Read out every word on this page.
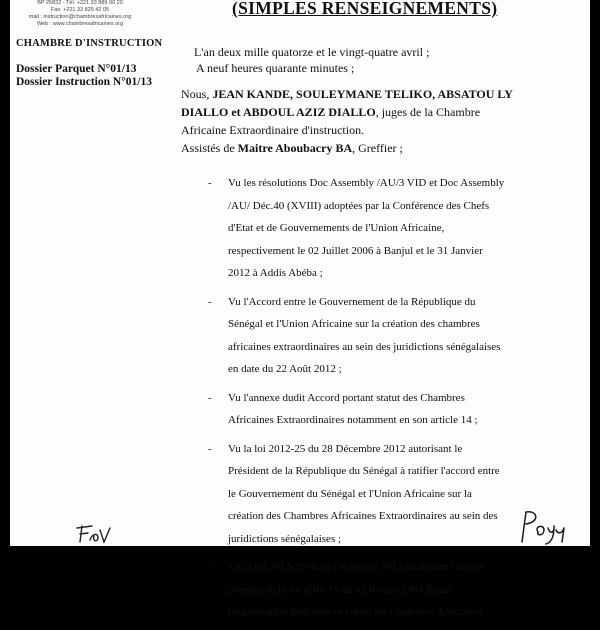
BP 25832 - Tél. +221 33 889 00 20
Fax: +221 33 825 42 05
mail : instruction@chambresafricaines.org
Web : www.chambresafricaines.org
CHAMBRE D'INSTRUCTION
Dossier Parquet N°01/13
Dossier Instruction N°01/13
(SIMPLES RENSEIGNEMENTS)
L'an deux mille quatorze et le vingt-quatre avril ;
A neuf heures quarante minutes ;
Nous, JEAN KANDE, SOULEYMANE TELIKO, ABSATOU LY
DIALLO et ABDOUL AZIZ DIALLO, juges de la Chambre
Africaine Extraordinaire d'instruction.
Assistés de Maitre Aboubacry BA, Greffier ;
- Vu les résolutions Doc Assembly /AU/3 VID et Doc Assembly
/AU/ Déc.40 (XVIII) adoptées par la Conférence des Chefs
d'Etat et de Gouvernements de l'Union Africaine,
respectivement le 02 Juillet 2006 à Banjul et le 31 Janvier
2012 à Addis Abéba ;
- Vu l'Accord entre le Gouvernement de la République du
Sénégal et l'Union Africaine sur la création des chambres
africaines extraordinaires au sein des juridictions sénégalaises
en date du 22 Août 2012 ;
- Vu l'annexe dudit Accord portant statut des Chambres
Africaines Extraordinaires notamment en son article 14 ;
- Vu la loi 2012-25 du 28 Décembre 2012 autorisant le
Président de la République du Sénégal à ratifier l'accord entre
le Gouvernement du Sénégal et l'Union Africaine sur la
création des Chambres Africaines Extraordinaires au sein des
juridictions sénégalaises ;
- Vu la loi 2012-29 du28 Décembre 2012 modifiant l'article
premier de la loi n°84-19 du 02 février 1984 fixant
l'organisation judiciaire et créant les Chambres Africaines
